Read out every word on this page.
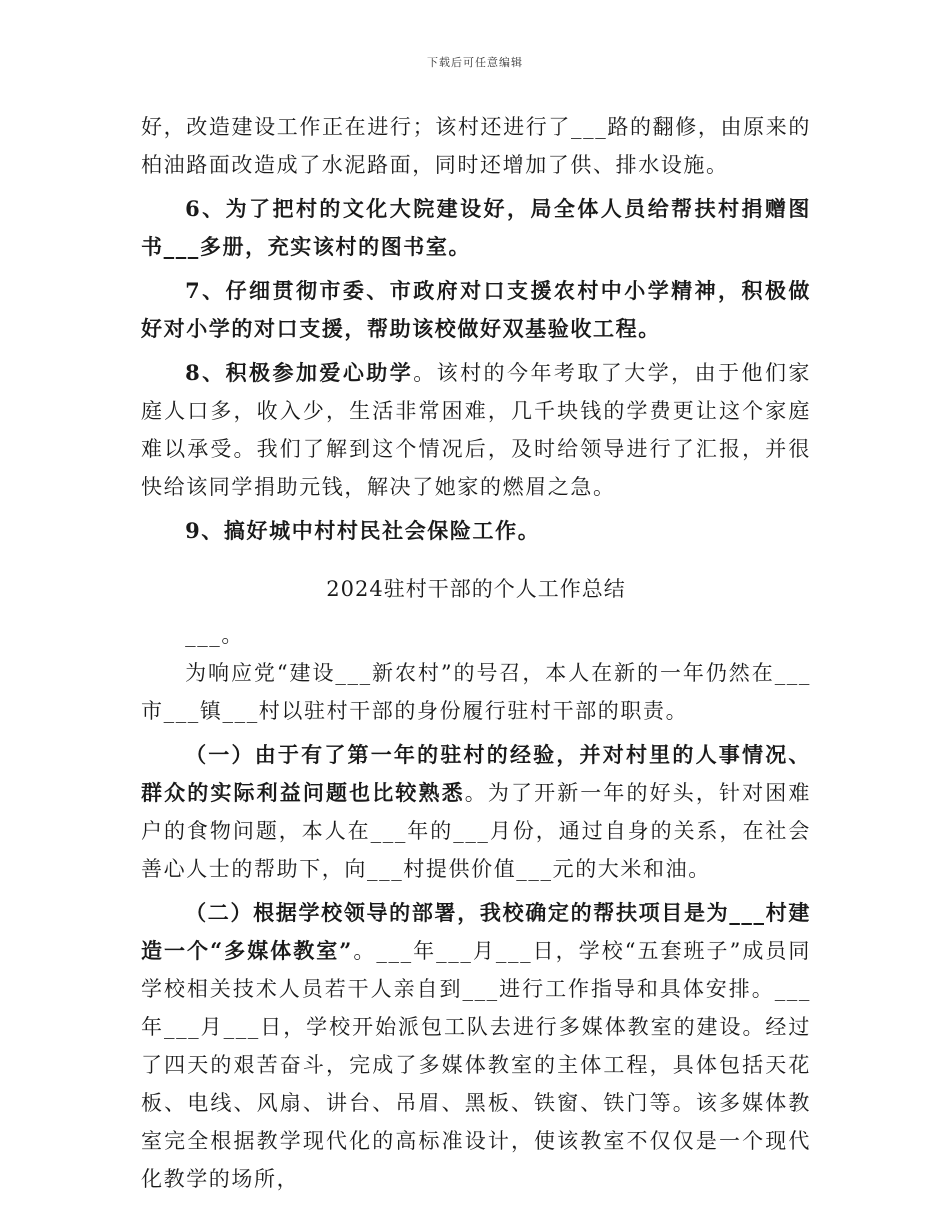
下载后可任意编辑

好，改造建设工作正在进行；该村还进行了___路的翻修，由原来的柏油路面改造成了水泥路面，同时还增加了供、排水设施。

6、为了把村的文化大院建设好，局全体人员给帮扶村捐赠图书___多册，充实该村的图书室。

7、仔细贯彻市委、市政府对口支援农村中小学精神，积极做好对小学的对口支援，帮助该校做好双基验收工程。

8、积极参加爱心助学。该村的今年考取了大学，由于他们家庭人口多，收入少，生活非常困难，几千块钱的学费更让这个家庭难以承受。我们了解到这个情况后，及时给领导进行了汇报，并很快给该同学捐助元钱，解决了她家的燃眉之急。

9、搞好城中村村民社会保险工作。

2024驻村干部的个人工作总结

___。

为响应党“建设___新农村”的号召，本人在新的一年仍然在___市___镇___村以驻村干部的身份履行驻村干部的职责。

（一）由于有了第一年的驻村的经验，并对村里的人事情况、群众的实际利益问题也比较熟悉。为了开新一年的好头，针对困难户的食物问题，本人在___年的___月份，通过自身的关系，在社会善心人士的帮助下，向___村提供价值___元的大米和油。

（二）根据学校领导的部署，我校确定的帮扶项目是为___村建造一个“多媒体教室”。___年___月___日，学校“五套班子”成员同学校相关技术人员若干人亲自到___进行工作指导和具体安排。___年___月___日，学校开始派包工队去进行多媒体教室的建设。经过了四天的艰苦奋斗，完成了多媒体教室的主体工程，具体包括天花板、电线、风扇、讲台、吊眉、黑板、铁窗、铁门等。该多媒体教室完全根据教学现代化的高标准设计，使该教室不仅仅是一个现代化教学的场所，
